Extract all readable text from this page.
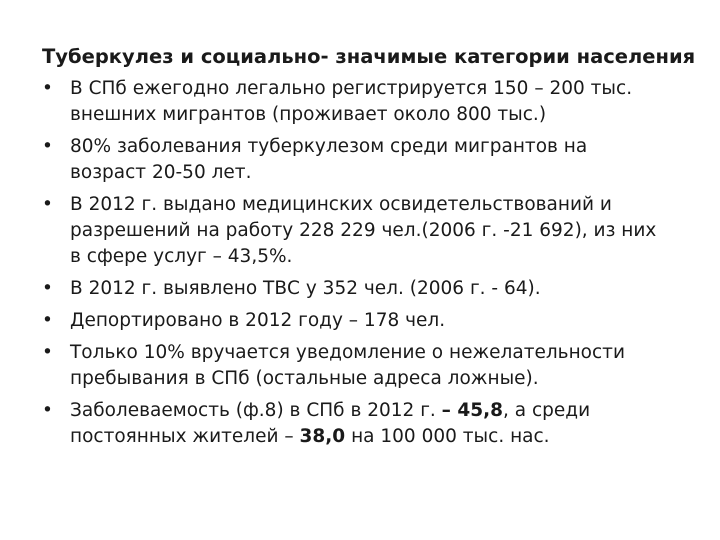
Туберкулез и социально- значимые категории населения
• В СПб ежегодно легально регистрируется 150 – 200 тыс.
внешних мигрантов (проживает около 800 тыс.)
• 80% заболевания туберкулезом среди мигрантов на
возраст 20-50 лет.
• В 2012 г. выдано медицинских освидетельствований и
разрешений на работу 228 229 чел.(2006 г. -21 692), из них
в сфере услуг – 43,5%.
• В 2012 г. выявлено ТВС у 352 чел. (2006 г. - 64).
• Депортировано в 2012 году – 178 чел.
• Только 10% вручается уведомление о нежелательности
пребывания в СПб (остальные адреса ложные).
• Заболеваемость (ф.8) в СПб в 2012 г. – 45,8, а среди
постоянных жителей – 38,0 на 100 000 тыс. нас.
